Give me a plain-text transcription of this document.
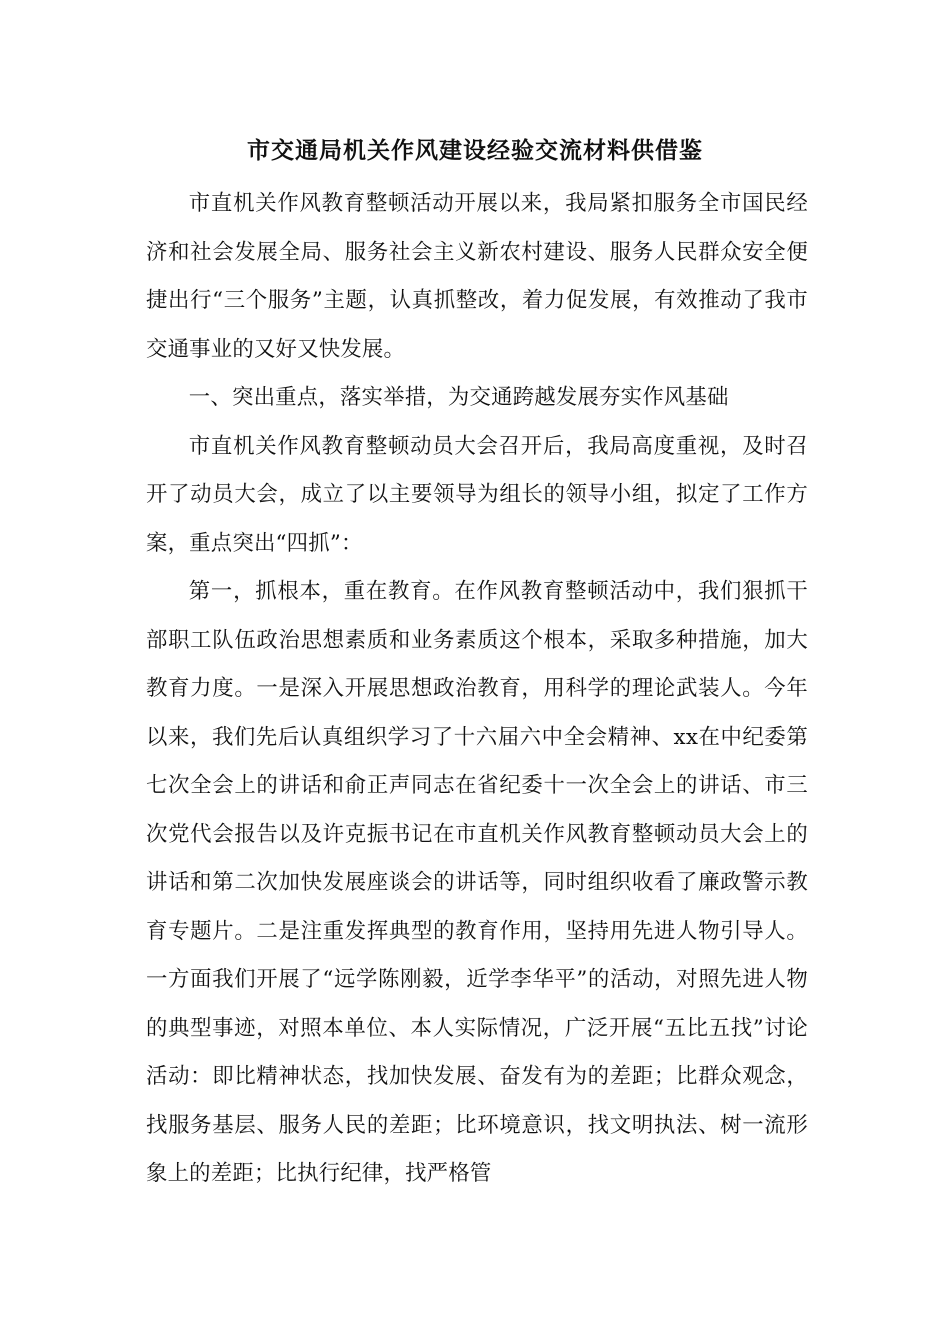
市交通局机关作风建设经验交流材料供借鉴

市直机关作风教育整顿活动开展以来，我局紧扣服务全市国民经济和社会发展全局、服务社会主义新农村建设、服务人民群众安全便捷出行“三个服务”主题，认真抓整改，着力促发展，有效推动了我市交通事业的又好又快发展。

一、突出重点，落实举措，为交通跨越发展夯实作风基础

市直机关作风教育整顿动员大会召开后，我局高度重视，及时召开了动员大会，成立了以主要领导为组长的领导小组，拟定了工作方案，重点突出“四抓”：

第一，抓根本，重在教育。在作风教育整顿活动中，我们狠抓干部职工队伍政治思想素质和业务素质这个根本，采取多种措施，加大教育力度。一是深入开展思想政治教育，用科学的理论武装人。今年以来，我们先后认真组织学习了十六届六中全会精神、xx在中纪委第七次全会上的讲话和俞正声同志在省纪委十一次全会上的讲话、市三次党代会报告以及许克振书记在市直机关作风教育整顿动员大会上的讲话和第二次加快发展座谈会的讲话等，同时组织收看了廉政警示教育专题片。二是注重发挥典型的教育作用，坚持用先进人物引导人。一方面我们开展了“远学陈刚毅，近学李华平”的活动，对照先进人物的典型事迹，对照本单位、本人实际情况，广泛开展“五比五找”讨论活动：即比精神状态，找加快发展、奋发有为的差距；比群众观念，找服务基层、服务人民的差距；比环境意识，找文明执法、树一流形象上的差距；比执行纪律，找严格管
